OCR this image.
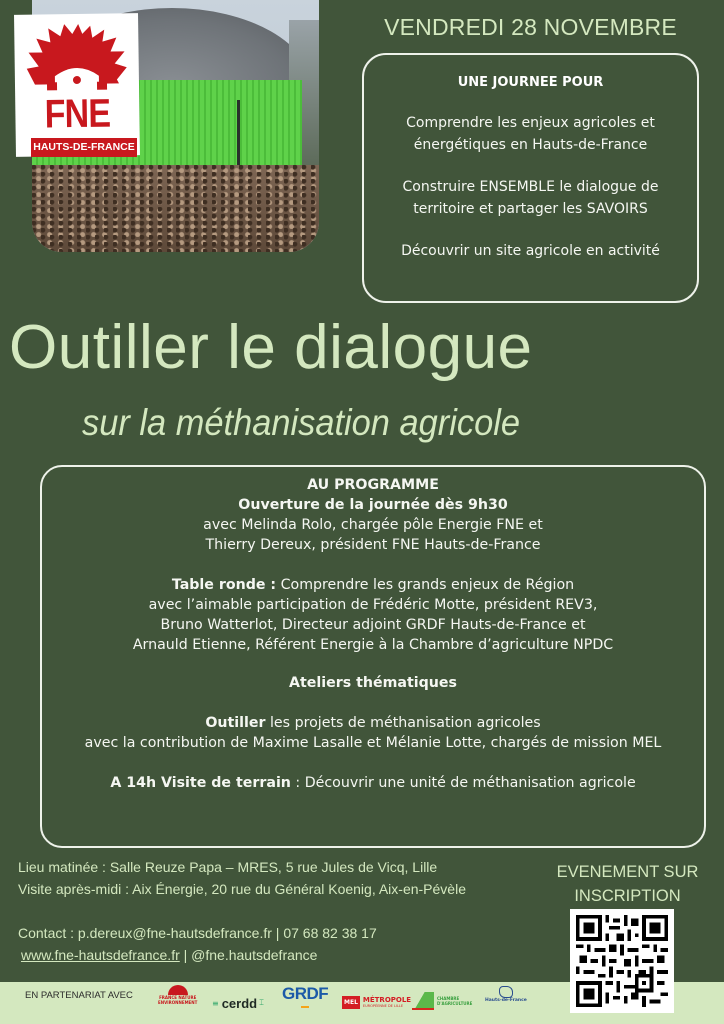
FNE
HAUTS-DE-FRANCE
VENDREDI 28 NOVEMBRE
UNE JOURNEE POUR

Comprendre les enjeux agricoles et énergétiques en Hauts-de-France

Construire ENSEMBLE le dialogue de territoire et partager les SAVOIRS

Découvrir un site agricole en activité

Outiller le dialogue
sur la méthanisation agricole
AU PROGRAMME
Ouverture de la journée dès 9h30
avec Melinda Rolo, chargée pôle Energie FNE et
Thierry Dereux, président FNE Hauts-de-France
Table ronde : Comprendre les grands enjeux de Région
avec l’aimable participation de Frédéric Motte, président REV3,
Bruno Watterlot, Directeur adjoint GRDF Hauts-de-France et
Arnauld Etienne, Référent Energie à la Chambre d’agriculture NPDC
Ateliers thématiques
Outiller les projets de méthanisation agricoles
avec la contribution de Maxime Lasalle et Mélanie Lotte, chargés de mission MEL
A 14h Visite de terrain : Découvrir une unité de méthanisation agricole
Lieu matinée : Salle Reuze Papa – MRES, 5 rue Jules de Vicq, Lille
Visite après-midi : Aix Énergie, 20 rue du Général Koenig, Aix-en-Pévèle
Contact : p.dereux@fne-hautsdefrance.fr | 07 68 82 38 17
www.fne-hautsdefrance.fr | @fne.hautsdefrance
EVENEMENT SUR
INSCRIPTION
EN PARTENARIAT AVEC	FRANCE NATURE
ENVIRONNEMENT ≡ cerdd ⌶ GRDF	MEL MÉTROPOLE
EUROPÉENNE DE LILLE
CHAMBRE
D'AGRICULTURE
Hauts-de-France
